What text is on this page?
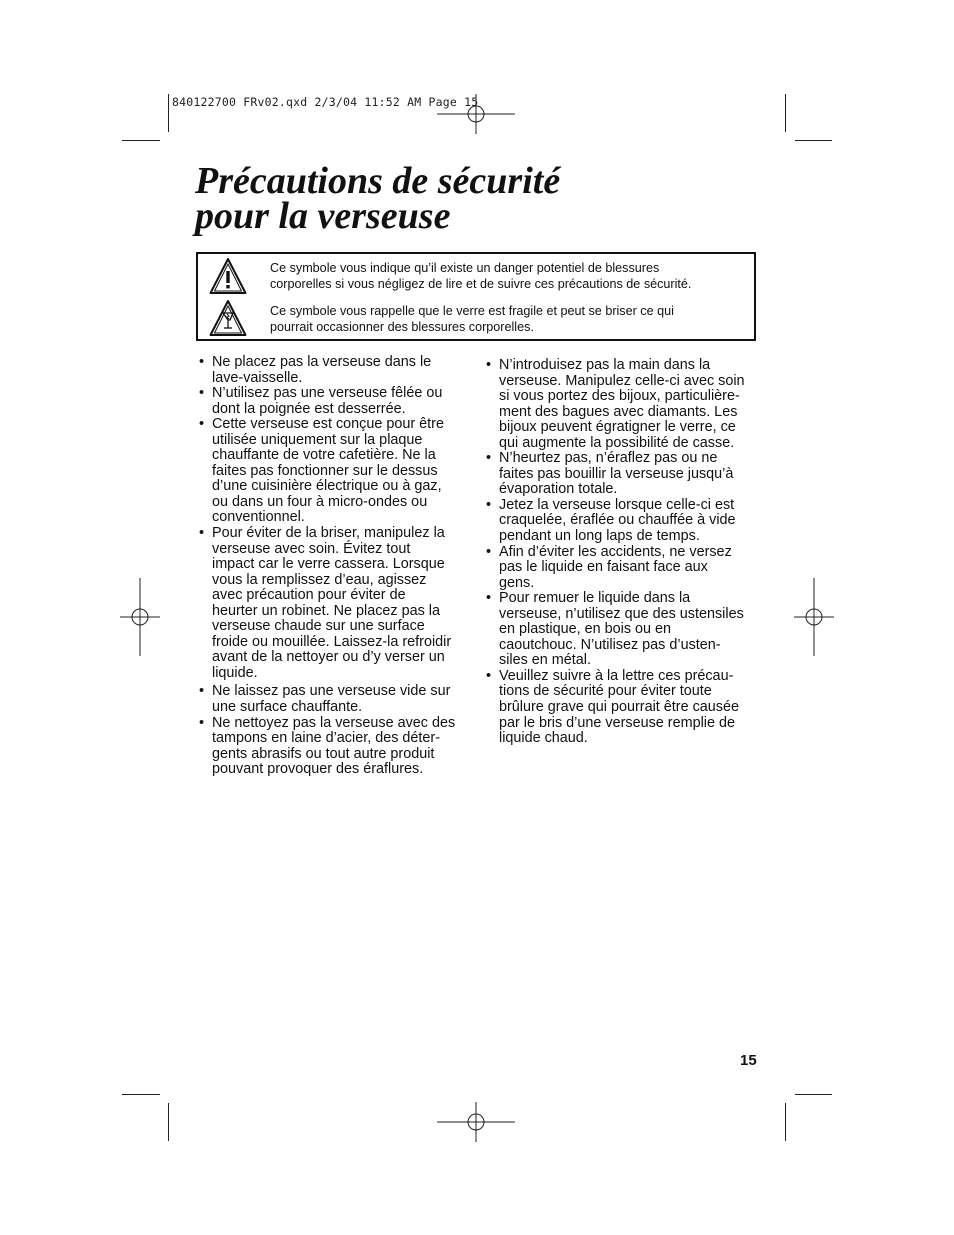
840122700 FRv02.qxd 2/3/04 11:52 AM Page 15
Précautions de sécurité
pour la verseuse

Ce symbole vous indique qu’il existe un danger potentiel de blessures
corporelles si vous négligez de lire et de suivre ces précautions de sécurité.

Ce symbole vous rappelle que le verre est fragile et peut se briser ce qui
pourrait occasionner des blessures corporelles.

• Ne placez pas la verseuse dans le
lave-vaisselle.
• N’utilisez pas une verseuse fêlée ou
dont la poignée est desserrée.
• Cette verseuse est conçue pour être
utilisée uniquement sur la plaque
chauffante de votre cafetière. Ne la
faites pas fonctionner sur le dessus
d’une cuisinière électrique ou à gaz,
ou dans un four à micro-ondes ou
conventionnel.
• Pour éviter de la briser, manipulez la
verseuse avec soin. Évitez tout
impact car le verre cassera. Lorsque
vous la remplissez d’eau, agissez
avec précaution pour éviter de
heurter un robinet. Ne placez pas la
verseuse chaude sur une surface
froide ou mouillée. Laissez-la refroidir
avant de la nettoyer ou d’y verser un
liquide.
• Ne laissez pas une verseuse vide sur
une surface chauffante.
• Ne nettoyez pas la verseuse avec des
tampons en laine d’acier, des déter-
gents abrasifs ou tout autre produit
pouvant provoquer des éraflures.
• N’introduisez pas la main dans la
verseuse. Manipulez celle-ci avec soin
si vous portez des bijoux, particulière-
ment des bagues avec diamants. Les
bijoux peuvent égratigner le verre, ce
qui augmente la possibilité de casse.
• N’heurtez pas, n’éraflez pas ou ne
faites pas bouillir la verseuse jusqu’à
évaporation totale.
• Jetez la verseuse lorsque celle-ci est
craquelée, éraflée ou chauffée à vide
pendant un long laps de temps.
• Afin d’éviter les accidents, ne versez
pas le liquide en faisant face aux
gens.
• Pour remuer le liquide dans la
verseuse, n’utilisez que des ustensiles
en plastique, en bois ou en
caoutchouc. N’utilisez pas d’usten-
siles en métal.
• Veuillez suivre à la lettre ces précau-
tions de sécurité pour éviter toute
brûlure grave qui pourrait être causée
par le bris d’une verseuse remplie de
liquide chaud.
15
